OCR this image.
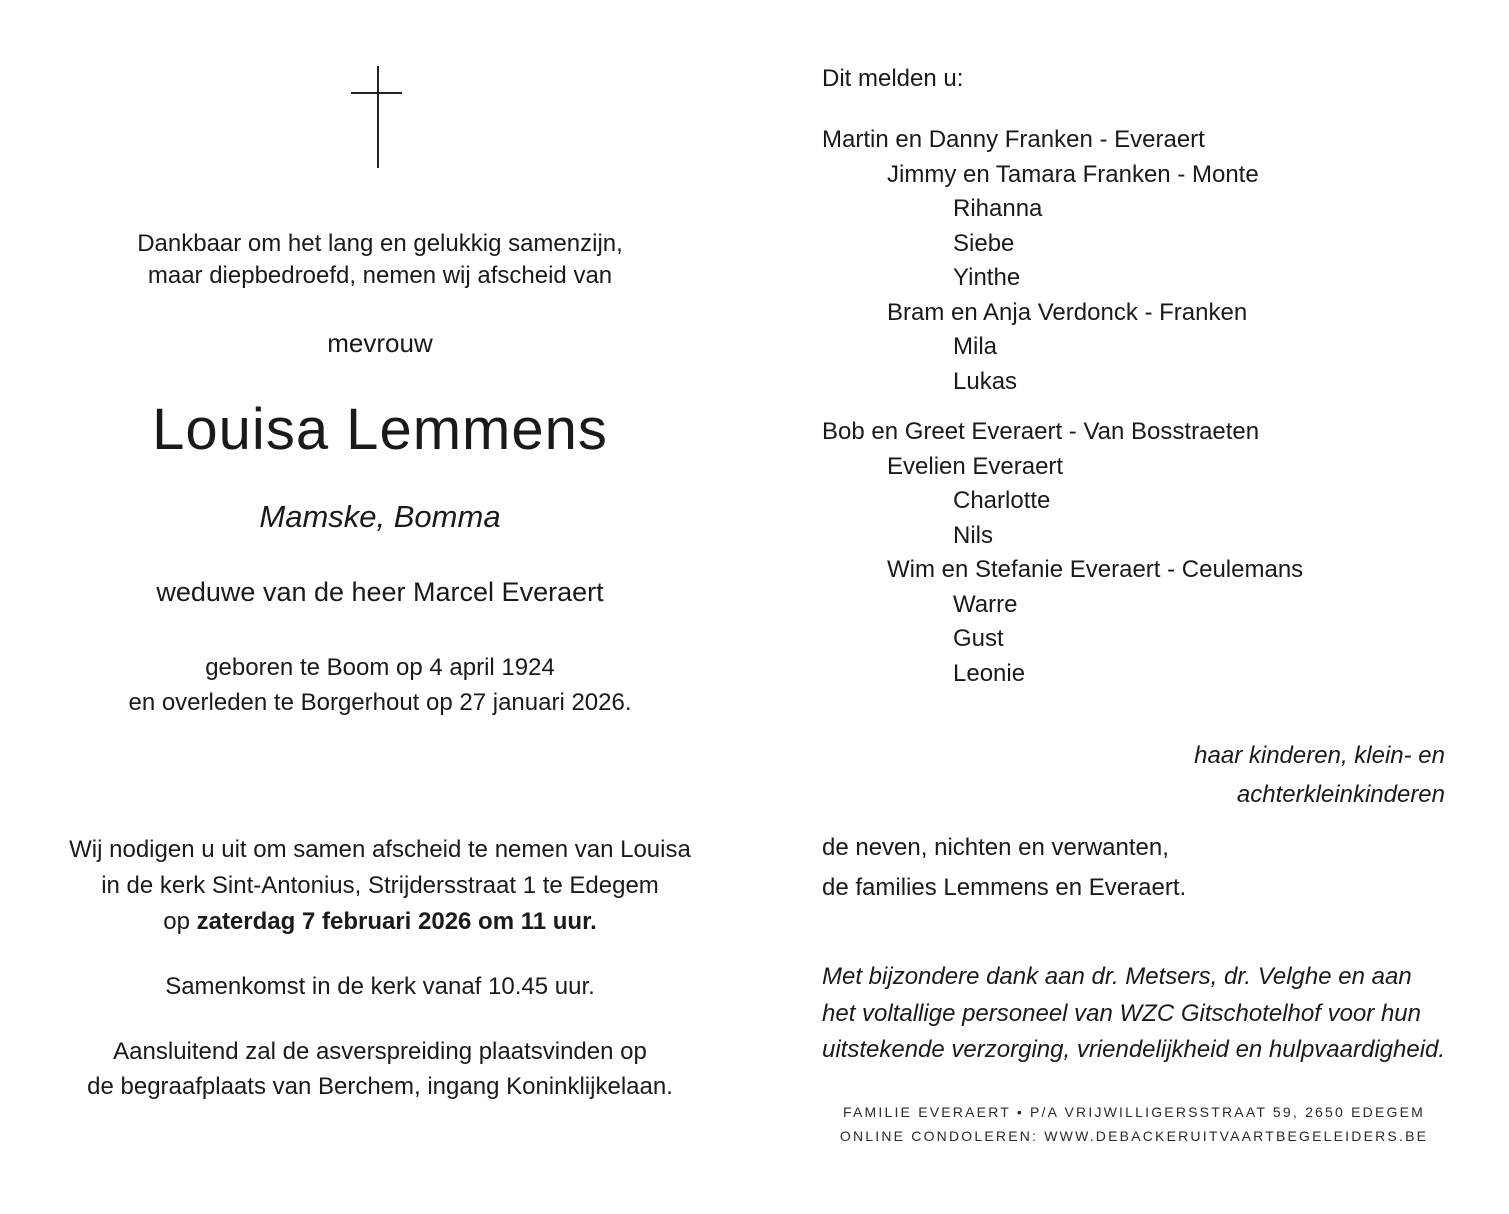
Dankbaar om het lang en gelukkig samenzijn,
maar diepbedroefd, nemen wij afscheid van
mevrouw
Louisa Lemmens
Mamske, Bomma
weduwe van de heer Marcel Everaert
geboren te Boom op 4 april 1924
en overleden te Borgerhout op 27 januari 2026.
Wij nodigen u uit om samen afscheid te nemen van Louisa
in de kerk Sint-Antonius, Strijdersstraat 1 te Edegem
op zaterdag 7 februari 2026 om 11 uur.
Samenkomst in de kerk vanaf 10.45 uur.
Aansluitend zal de asverspreiding plaatsvinden op
de begraafplaats van Berchem, ingang Koninklijkelaan.
Dit melden u:
Martin en Danny Franken - Everaert
Jimmy en Tamara Franken - Monte
Rihanna
Siebe
Yinthe
Bram en Anja Verdonck - Franken
Mila
Lukas
Bob en Greet Everaert - Van Bosstraeten
Evelien Everaert
Charlotte
Nils
Wim en Stefanie Everaert - Ceulemans
Warre
Gust
Leonie
haar kinderen, klein- en
achterkleinkinderen
de neven, nichten en verwanten,
de families Lemmens en Everaert.
Met bijzondere dank aan dr. Metsers, dr. Velghe en aan
het voltallige personeel van WZC Gitschotelhof voor hun
uitstekende verzorging, vriendelijkheid en hulpvaardigheid.
FAMILIE EVERAERT • P/A VRIJWILLIGERSSTRAAT 59, 2650 EDEGEM
ONLINE CONDOLEREN: WWW.DEBACKERUITVAARTBEGELEIDERS.BE
